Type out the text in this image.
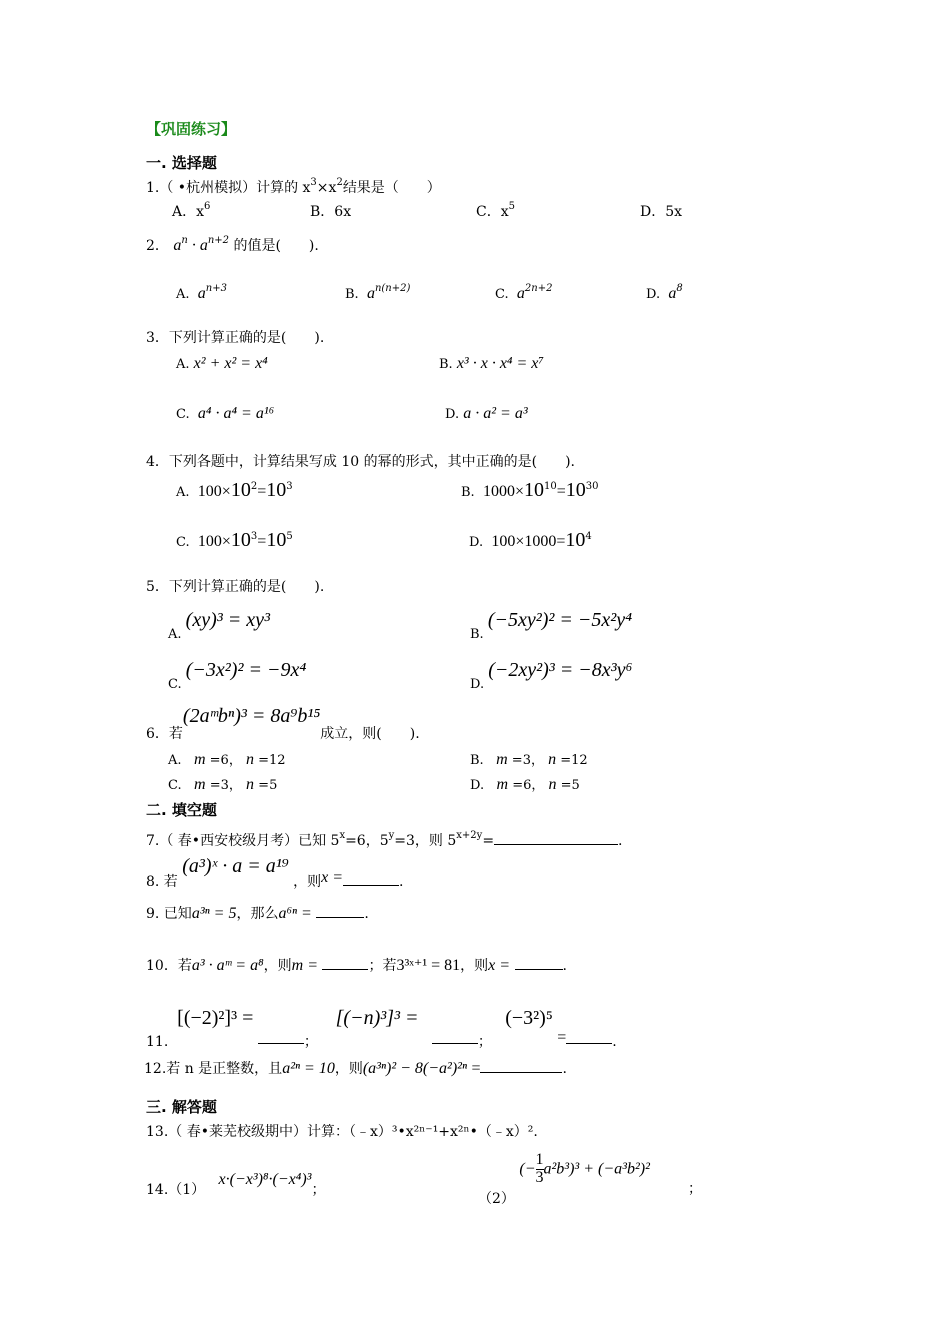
【巩固练习】
一. 选择题
1.（ •杭州模拟）计算的 $x^3\times x^2$结果是（　　）
A．$x^6$	B．6x	C．$x^5$	D．5x
2． $a^n \cdot a^{n+2}$ 的值是(　　).
A. $a^{n+3}$	B. $a^{n(n+2)}$	C. $a^{2n+2}$	D. $a^8$
3．下列计算正确的是(　　).
A. x² + x² = x⁴	B. x³ · x · x⁴ = x⁷
C. a⁴ · a⁴ = a¹⁶	D. a · a² = a³
4．下列各题中，计算结果写成 10 的幂的形式，其中正确的是(　　).
A. $100\times 10^2=10^3$	B. $1000\times 10^{10}=10^{30}$
C. $100\times 10^3=10^5$	D. $100\times 1000=10^4$
5．下列计算正确的是(　　).
A. (xy)³ = xy³
B. (−5xy²)² = −5x²y⁴
C. (−3x²)² = −9x⁴
D. (−2xy²)³ = −8x³y⁶
6．若(2aᵐbⁿ)³ = 8a⁹b¹⁵成立，则(　　).
A. m =6， n =12	B. m =3， n =12
C. m =3， n =5	D. m =6， n =5
二. 填空题
7.（ 春•西安校级月考）已知 $5^x=6$，$5^y=3$，则 $5^{x+2y}=$	.
8. 若 (a³)ˣ · a = a¹⁹ ，则x =	.
9. 已知a³ⁿ = 5，那么a⁶ⁿ =	.
10．若a³ · aᵐ = a⁸，则m =	；若3³ˣ⁺¹ = 81，则x =	.
11.  [(−2)²]³ = ；    [(−n)³]³ =   ；   (−3²)⁵ =	.
12.若 n 是正整数，且a²ⁿ = 10，则(a³ⁿ)² − 8(−a²)²ⁿ =	.
三. 解答题
13.（ 春•莱芜校级期中）计算：（﹣x）³•x²ⁿ⁻¹+x²ⁿ•（﹣x）².
14.（1）   x·(−x³)⁸·(−x⁴)³；
（2） (− $\frac{1}{3} a^2b^3)^3 + (-a^3b^2)^2$
；
